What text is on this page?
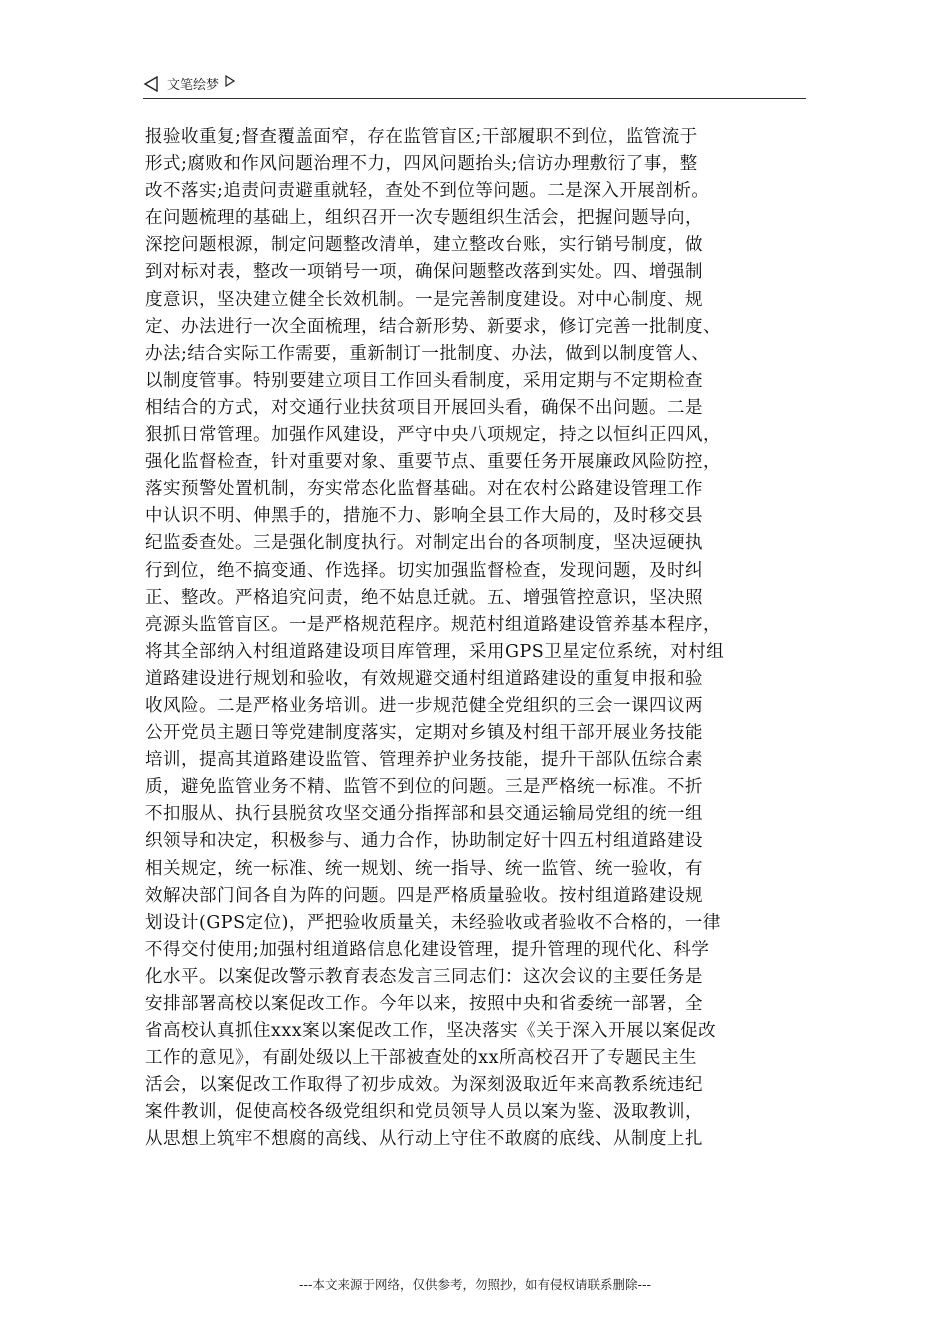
文笔绘梦
报验收重复;督查覆盖面窄，存在监管盲区;干部履职不到位，监管流于
形式;腐败和作风问题治理不力，四风问题抬头;信访办理敷衍了事，整
改不落实;追责问责避重就轻，查处不到位等问题。二是深入开展剖析。
在问题梳理的基础上，组织召开一次专题组织生活会，把握问题导向，
深挖问题根源，制定问题整改清单，建立整改台账，实行销号制度，做
到对标对表，整改一项销号一项，确保问题整改落到实处。四、增强制
度意识，坚决建立健全长效机制。一是完善制度建设。对中心制度、规
定、办法进行一次全面梳理，结合新形势、新要求，修订完善一批制度、
办法;结合实际工作需要，重新制订一批制度、办法，做到以制度管人、
以制度管事。特别要建立项目工作回头看制度，采用定期与不定期检查
相结合的方式，对交通行业扶贫项目开展回头看，确保不出问题。二是
狠抓日常管理。加强作风建设，严守中央八项规定，持之以恒纠正四风，
强化监督检查，针对重要对象、重要节点、重要任务开展廉政风险防控，
落实预警处置机制，夯实常态化监督基础。对在农村公路建设管理工作
中认识不明、伸黑手的，措施不力、影响全县工作大局的，及时移交县
纪监委查处。三是强化制度执行。对制定出台的各项制度，坚决逗硬执
行到位，绝不搞变通、作选择。切实加强监督检查，发现问题，及时纠
正、整改。严格追究问责，绝不姑息迁就。五、增强管控意识，坚决照
亮源头监管盲区。一是严格规范程序。规范村组道路建设管养基本程序，
将其全部纳入村组道路建设项目库管理，采用GPS卫星定位系统，对村组
道路建设进行规划和验收，有效规避交通村组道路建设的重复申报和验
收风险。二是严格业务培训。进一步规范健全党组织的三会一课四议两
公开党员主题日等党建制度落实，定期对乡镇及村组干部开展业务技能
培训，提高其道路建设监管、管理养护业务技能，提升干部队伍综合素
质，避免监管业务不精、监管不到位的问题。三是严格统一标准。不折
不扣服从、执行县脱贫攻坚交通分指挥部和县交通运输局党组的统一组
织领导和决定，积极参与、通力合作，协助制定好十四五村组道路建设
相关规定，统一标准、统一规划、统一指导、统一监管、统一验收，有
效解决部门间各自为阵的问题。四是严格质量验收。按村组道路建设规
划设计(GPS定位)，严把验收质量关，未经验收或者验收不合格的，一律
不得交付使用;加强村组道路信息化建设管理，提升管理的现代化、科学
化水平。以案促改警示教育表态发言三同志们：这次会议的主要任务是
安排部署高校以案促改工作。今年以来，按照中央和省委统一部署，全
省高校认真抓住xxx案以案促改工作，坚决落实《关于深入开展以案促改
工作的意见》，有副处级以上干部被查处的xx所高校召开了专题民主生
活会，以案促改工作取得了初步成效。为深刻汲取近年来高教系统违纪
案件教训，促使高校各级党组织和党员领导人员以案为鉴、汲取教训，
从思想上筑牢不想腐的高线、从行动上守住不敢腐的底线、从制度上扎
---本文来源于网络，仅供参考，勿照抄，如有侵权请联系删除---
